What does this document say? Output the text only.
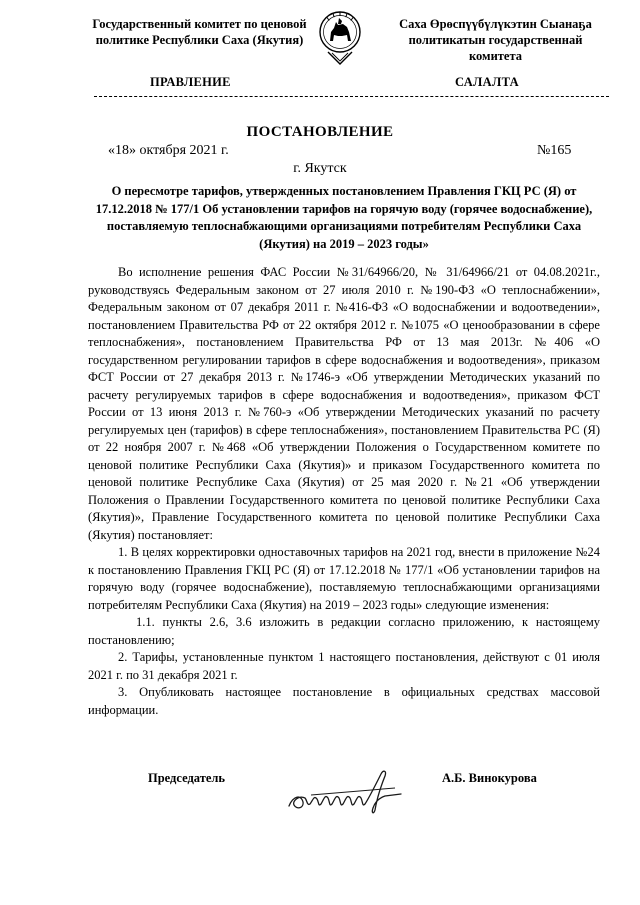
Государственный комитет по ценовой политике Республики Саха (Якутия)
Саха Өрөспүүбүлүкэтин Сыанаҕа политикатын государственнай комитета
ПРАВЛЕНИЕ	САЛАЛТА
ПОСТАНОВЛЕНИЕ
«18» октября 2021 г.	№165
г. Якутск
О пересмотре тарифов, утвержденных постановлением Правления ГКЦ РС (Я) от 17.12.2018 № 177/1 Об установлении тарифов на горячую воду (горячее водоснабжение), поставляемую теплоснабжающими организациями потребителям Республики Саха (Якутия) на 2019 – 2023 годы»

Во исполнение решения ФАС России №31/64966/20, № 31/64966/21 от 04.08.2021г., руководствуясь Федеральным законом от 27 июля 2010 г. №190-ФЗ «О теплоснабжении», Федеральным законом от 07 декабря 2011 г. №416-ФЗ «О водоснабжении и водоотведении», постановлением Правительства РФ от 22 октября 2012 г. №1075 «О ценообразовании в сфере теплоснабжения», постановлением Правительства РФ от 13 мая 2013г. №406 «О государственном регулировании тарифов в сфере водоснабжения и водоотведения», приказом ФСТ России от 27 декабря 2013 г. №1746-э «Об утверждении Методических указаний по расчету регулируемых тарифов в сфере водоснабжения и водоотведения», приказом ФСТ России от 13 июня 2013 г. №760-э «Об утверждении Методических указаний по расчету регулируемых цен (тарифов) в сфере теплоснабжения», постановлением Правительства РС (Я) от 22 ноября 2007 г. №468 «Об утверждении Положения о Государственном комитете по ценовой политике Республики Саха (Якутия)» и приказом Государственного комитета по ценовой политике Республике Саха (Якутия) от 25 мая 2020 г. №21 «Об утверждении Положения о Правлении Государственного комитета по ценовой политике Республики Саха (Якутия)», Правление Государственного комитета по ценовой политике Республики Саха (Якутия) постановляет:

1. В целях корректировки одноставочных тарифов на 2021 год, внести в приложение №24 к постановлению Правления ГКЦ РС (Я) от 17.12.2018 № 177/1 «Об установлении тарифов на горячую воду (горячее водоснабжение), поставляемую теплоснабжающими организациями потребителям Республики Саха (Якутия) на 2019 – 2023 годы» следующие изменения:

1.1. пункты 2.6, 3.6 изложить в редакции согласно приложению, к настоящему постановлению;

2. Тарифы, установленные пунктом 1 настоящего постановления, действуют с 01 июля 2021 г. по 31 декабря 2021 г.

3. Опубликовать настоящее постановление в официальных средствах массовой информации.

Председатель	А.Б. Винокурова
